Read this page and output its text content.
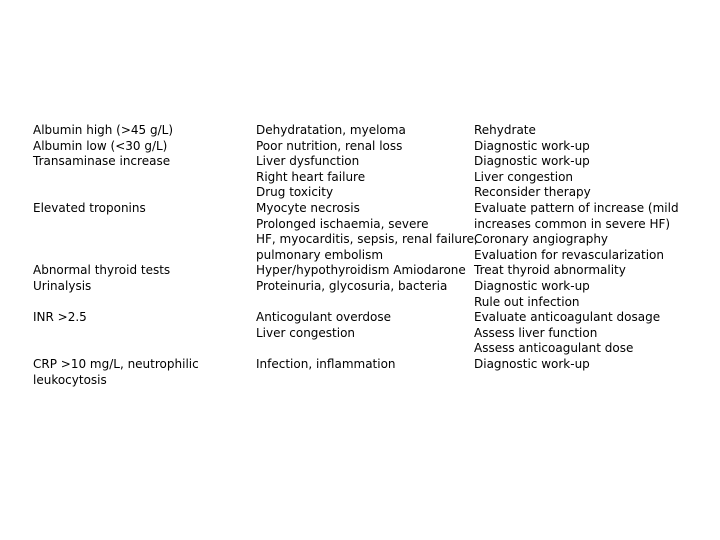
Albumin high (>45 g/L)
Albumin low (<30 g/L)
Transaminase increase
Elevated troponins
Abnormal thyroid tests
Urinalysis
INR >2.5
CRP >10 mg/L, neutrophilic
leukocytosis
Dehydratation, myeloma
Poor nutrition, renal loss
Liver dysfunction
Right heart failure
Drug toxicity
Myocyte necrosis
Prolonged ischaemia, severe
HF, myocarditis, sepsis, renal failure,
pulmonary embolism
Hyper/hypothyroidism Amiodarone
Proteinuria, glycosuria, bacteria
Anticogulant overdose
Liver congestion
Infection, inflammation
Rehydrate
Diagnostic work-up
Diagnostic work-up
Liver congestion
Reconsider therapy
Evaluate pattern of increase (mild
increases common in severe HF)
Coronary angiography
Evaluation for revascularization
Treat thyroid abnormality
Diagnostic work-up
Rule out infection
Evaluate anticoagulant dosage
Assess liver function
Assess anticoagulant dose
Diagnostic work-up
